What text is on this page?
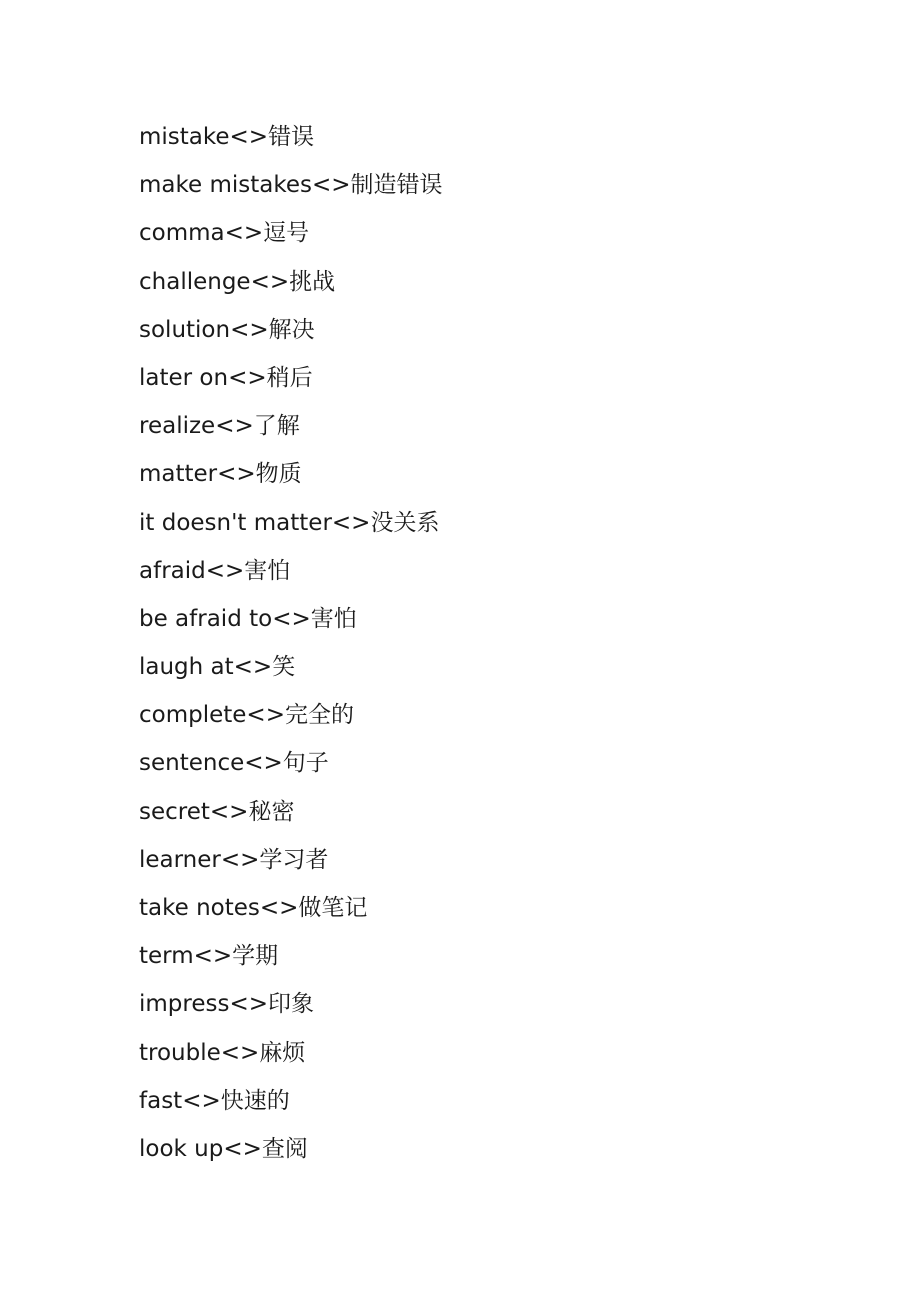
mistake<>错误
make mistakes<>制造错误
comma<>逗号
challenge<>挑战
solution<>解决
later on<>稍后
realize<>了解
matter<>物质
it doesn't matter<>没关系
afraid<>害怕
be afraid to<>害怕
laugh at<>笑
complete<>完全的
sentence<>句子
secret<>秘密
learner<>学习者
take notes<>做笔记
term<>学期
impress<>印象
trouble<>麻烦
fast<>快速的
look up<>查阅
